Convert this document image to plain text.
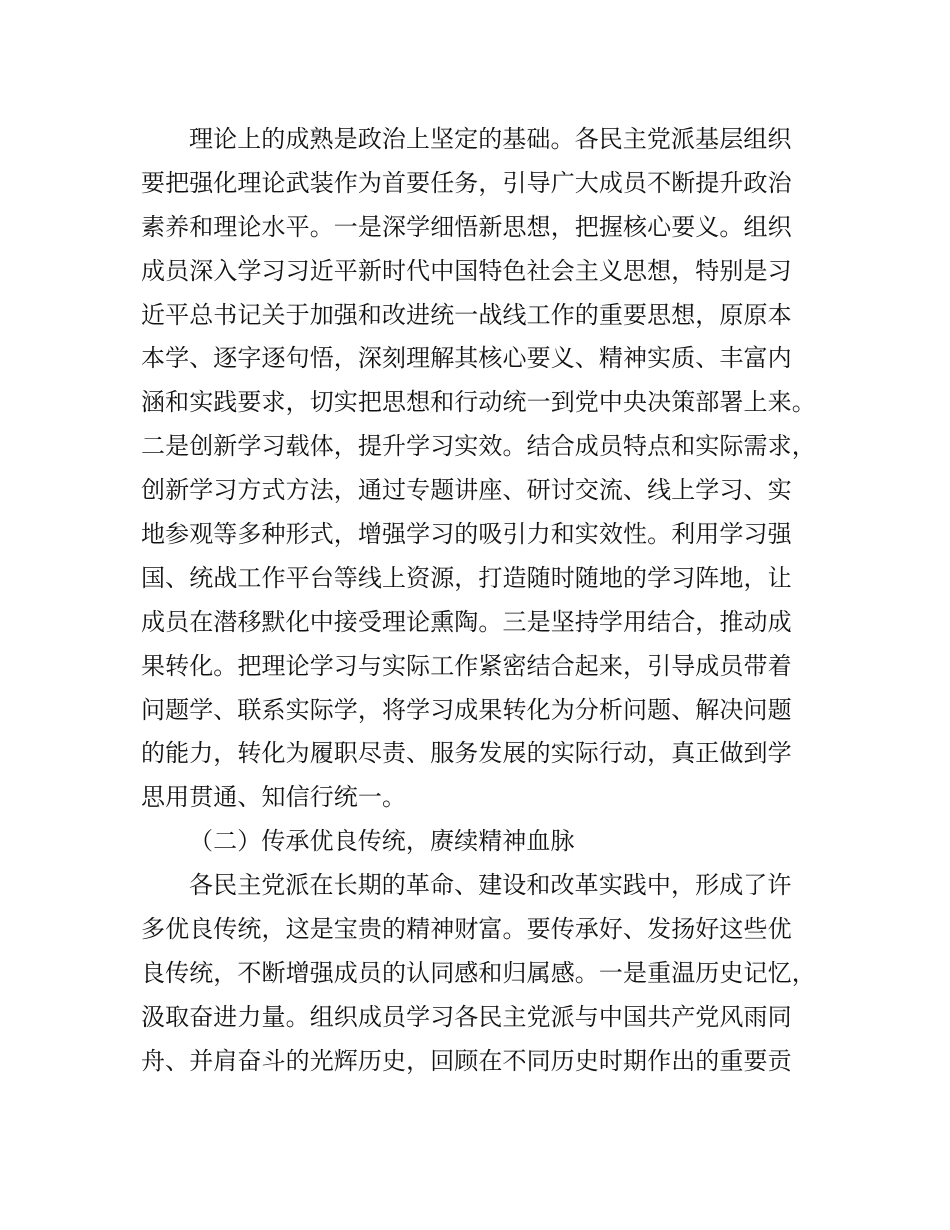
理论上的成熟是政治上坚定的基础。各民主党派基层组织
要把强化理论武装作为首要任务，引导广大成员不断提升政治
素养和理论水平。一是深学细悟新思想，把握核心要义。组织
成员深入学习习近平新时代中国特色社会主义思想，特别是习
近平总书记关于加强和改进统一战线工作的重要思想，原原本
本学、逐字逐句悟，深刻理解其核心要义、精神实质、丰富内
涵和实践要求，切实把思想和行动统一到党中央决策部署上来。
二是创新学习载体，提升学习实效。结合成员特点和实际需求，
创新学习方式方法，通过专题讲座、研讨交流、线上学习、实
地参观等多种形式，增强学习的吸引力和实效性。利用学习强
国、统战工作平台等线上资源，打造随时随地的学习阵地，让
成员在潜移默化中接受理论熏陶。三是坚持学用结合，推动成
果转化。把理论学习与实际工作紧密结合起来，引导成员带着
问题学、联系实际学，将学习成果转化为分析问题、解决问题
的能力，转化为履职尽责、服务发展的实际行动，真正做到学
思用贯通、知信行统一。
（二）传承优良传统，赓续精神血脉
各民主党派在长期的革命、建设和改革实践中，形成了许
多优良传统，这是宝贵的精神财富。要传承好、发扬好这些优
良传统，不断增强成员的认同感和归属感。一是重温历史记忆，
汲取奋进力量。组织成员学习各民主党派与中国共产党风雨同
舟、并肩奋斗的光辉历史，回顾在不同历史时期作出的重要贡
